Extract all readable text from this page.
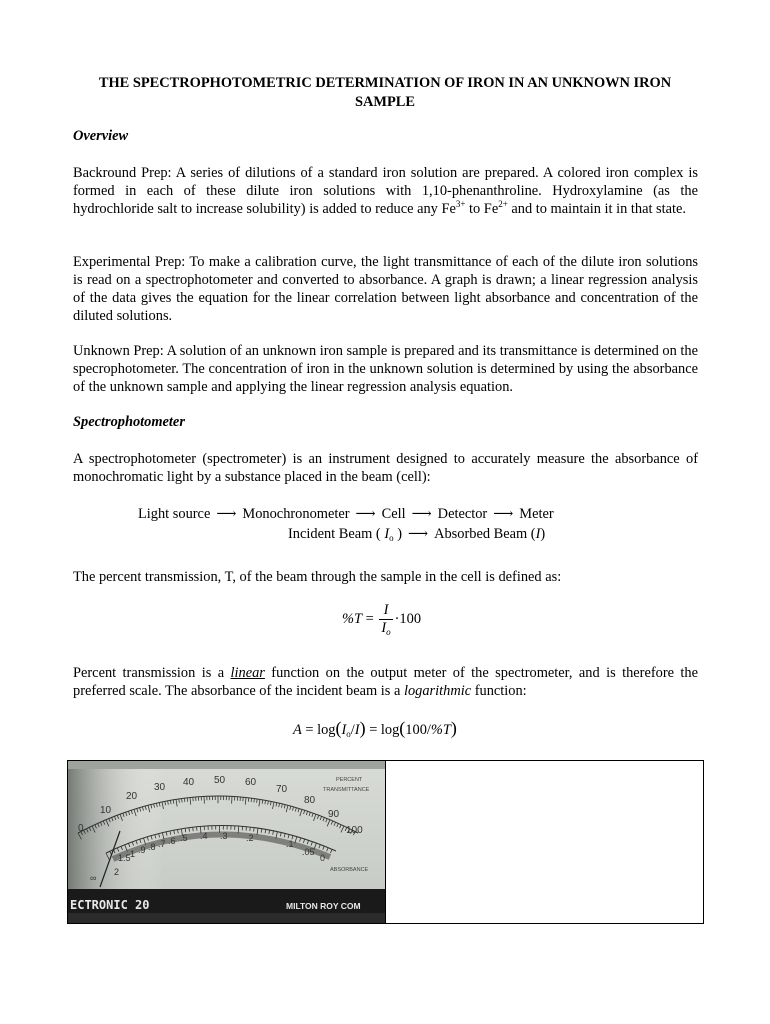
THE SPECTROPHOTOMETRIC DETERMINATION OF IRON IN AN UNKNOWN IRON
SAMPLE
Overview

Backround Prep: A series of dilutions of a standard iron solution are prepared. A colored iron complex is formed in each of these dilute iron solutions with 1,10-phenanthroline. Hydroxylamine (as the hydrochloride salt to increase solubility) is added to reduce any $Fe^{3+}$ to $Fe^{2+}$ and to maintain it in that state.

Experimental Prep: To make a calibration curve, the light transmittance of each of the dilute iron solutions is read on a spectrophotometer and converted to absorbance. A graph is drawn; a linear regression analysis of the data gives the equation for the linear correlation between light absorbance and concentration of the diluted solutions.

Unknown Prep: A solution of an unknown iron sample is prepared and its transmittance is determined on the specrophotometer. The concentration of iron in the unknown solution is determined by using the absorbance of the unknown sample and applying the linear regression analysis equation.

Spectrophotometer

A spectrophotometer (spectrometer) is an instrument designed to accurately measure the absorbance of monochromatic light by a substance placed in the beam (cell):

Light source ⟶ Monochronometer ⟶ Cell ⟶ Detector ⟶ Meter
Incident Beam ( $I_o$ ) ⟶ Absorbed Beam (I)

The percent transmission, T, of the beam through the sample in the cell is defined as:

$\%T = \frac{I}{I_o} \cdot 100$

Percent transmission is a linear function on the output meter of the spectrometer, and is therefore the preferred scale. The absorbance of the incident beam is a logarithmic function:

$A = \log(I_o/I) = \log(100/\%T)$
0
10
20
30 40 50 60
70
80
90
100
∞
2
1.5 1 .9 .8 .7 .6 .5 .4 .3 .2
.1
.05
0
PERCENT
TRANSMITTANCE
ABSORBANCE
ECTRONIC 20	MILTON ROY COM
